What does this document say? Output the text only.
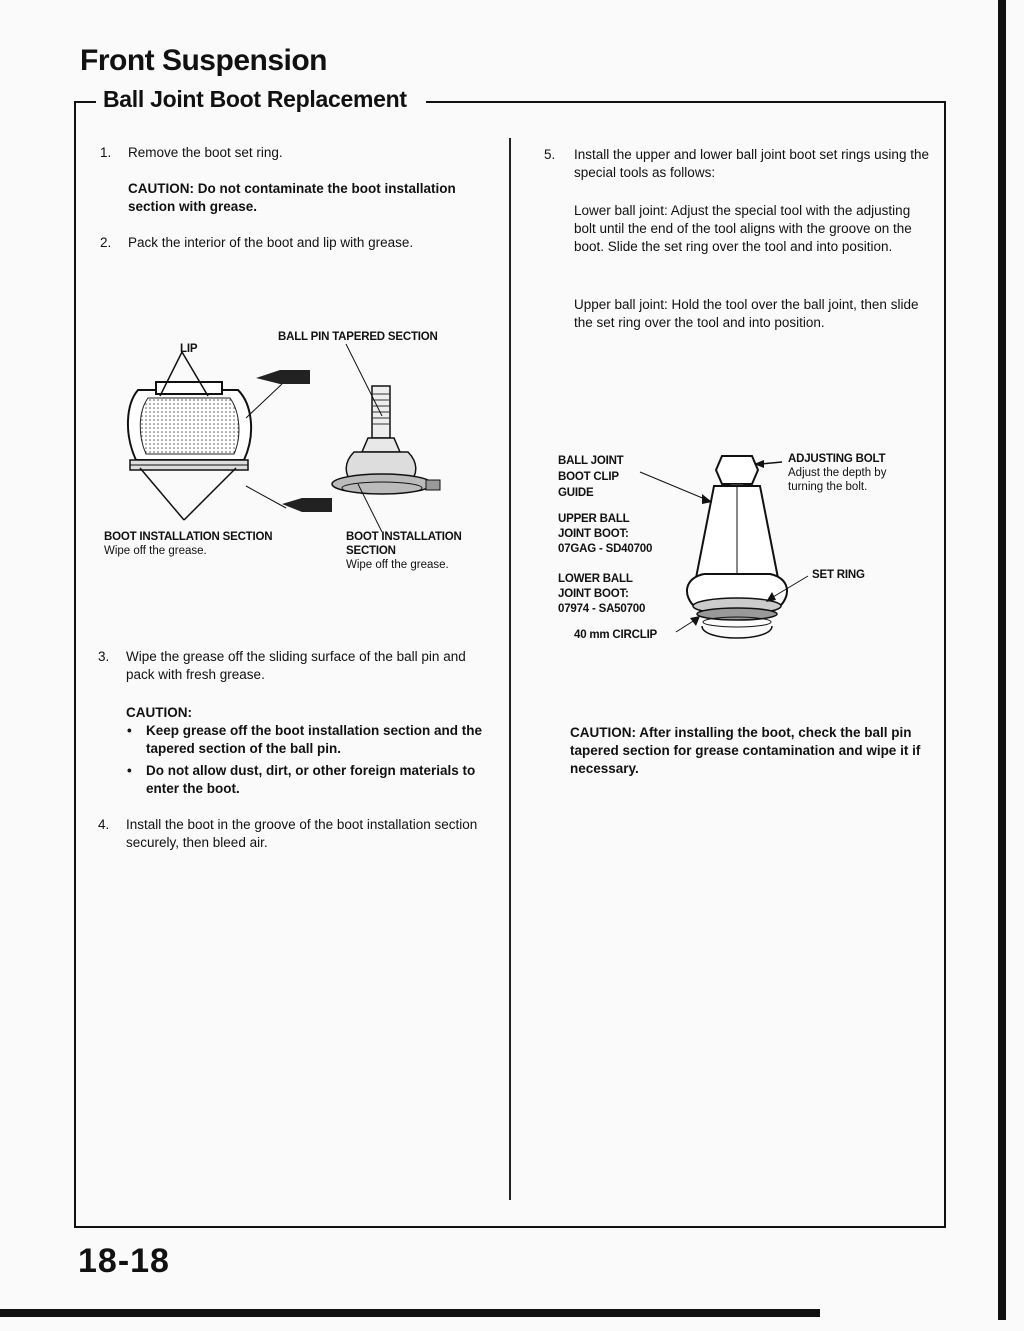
Front Suspension
Ball Joint Boot Replacement
1. Remove the boot set ring.
CAUTION: Do not contaminate the boot installation section with grease.
2. Pack the interior of the boot and lip with grease.
LIP
BALL PIN TAPERED SECTION
BOOT INSTALLATION SECTION
Wipe off the grease.
BOOT INSTALLATION
SECTION
Wipe off the grease.
3. Wipe the grease off the sliding surface of the ball pin and pack with fresh grease.
CAUTION:
• Keep grease off the boot installation section and the tapered section of the ball pin.
• Do not allow dust, dirt, or other foreign materials to enter the boot.
4. Install the boot in the groove of the boot installation section securely, then bleed air.
5. Install the upper and lower ball joint boot set rings using the special tools as follows:
Lower ball joint: Adjust the special tool with the adjusting bolt until the end of the tool aligns with the groove on the boot. Slide the set ring over the tool and into position.
Upper ball joint: Hold the tool over the ball joint, then slide the set ring over the tool and into position.
BALL JOINT
BOOT CLIP
GUIDE
UPPER BALL
JOINT BOOT:
07GAG - SD40700
LOWER BALL
JOINT BOOT:
07974 - SA50700
40 mm CIRCLIP
ADJUSTING BOLT
Adjust the depth by
turning the bolt.
SET RING
CAUTION: After installing the boot, check the ball pin tapered section for grease contamination and wipe it if necessary.
18-18
